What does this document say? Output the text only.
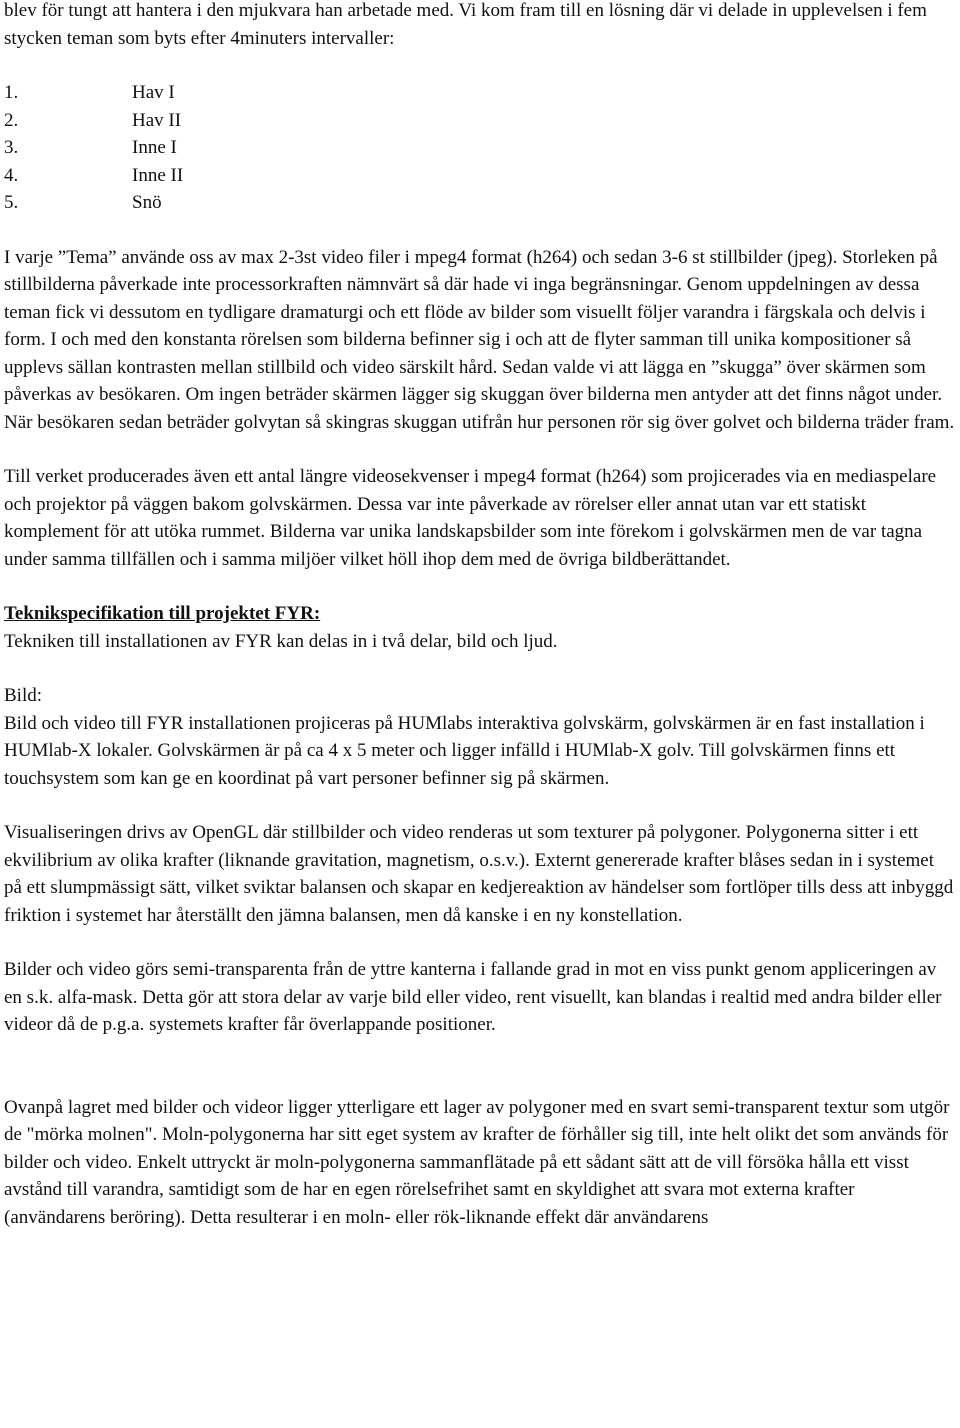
blev för tungt att hantera i den mjukvara han arbetade med. Vi kom fram till en lösning där vi delade in upplevelsen i fem stycken teman som byts efter 4minuters intervaller:

1.	Hav I
2.	Hav II
3.	Inne I
4.	Inne II
5.	Snö

I varje ”Tema” använde oss av max 2-3st video filer i mpeg4 format (h264) och sedan 3-6 st stillbilder (jpeg). Storleken på stillbilderna påverkade inte processorkraften nämnvärt så där hade vi inga begränsningar. Genom uppdelningen av dessa teman fick vi dessutom en tydligare dramaturgi och ett flöde av bilder som visuellt följer varandra i färgskala och delvis i form. I och med den konstanta rörelsen som bilderna befinner sig i och att de flyter samman till unika kompositioner så upplevs sällan kontrasten mellan stillbild och video särskilt hård. Sedan valde vi att lägga en ”skugga” över skärmen som påverkas av besökaren. Om ingen beträder skärmen lägger sig skuggan över bilderna men antyder att det finns något under. När besökaren sedan beträder golvytan så skingras skuggan utifrån hur personen rör sig över golvet och bilderna träder fram.

Till verket producerades även ett antal längre videosekvenser i mpeg4 format (h264) som projicerades via en mediaspelare och projektor på väggen bakom golvskärmen. Dessa var inte påverkade av rörelser eller annat utan var ett statiskt komplement för att utöka rummet. Bilderna var unika landskapsbilder som inte förekom i golvskärmen men de var tagna under samma tillfällen och i samma miljöer vilket höll ihop dem med de övriga bildberättandet.

Teknikspecifikation till projektet FYR:

Tekniken till installationen av FYR kan delas in i två delar, bild och ljud.

Bild:

Bild och video till FYR installationen projiceras på HUMlabs interaktiva golvskärm, golvskärmen är en fast installation i HUMlab-X lokaler. Golvskärmen är på ca 4 x 5 meter och ligger infälld i HUMlab-X golv. Till golvskärmen finns ett touchsystem som kan ge en koordinat på vart personer befinner sig på skärmen.

Visualiseringen drivs av OpenGL där stillbilder och video renderas ut som texturer på polygoner. Polygonerna sitter i ett ekvilibrium av olika krafter (liknande gravitation, magnetism, o.s.v.). Externt genererade krafter blåses sedan in i systemet på ett slumpmässigt sätt, vilket sviktar balansen och skapar en kedjereaktion av händelser som fortlöper tills dess att inbyggd friktion i systemet har återställt den jämna balansen, men då kanske i en ny konstellation.

Bilder och video görs semi-transparenta från de yttre kanterna i fallande grad in mot en viss punkt genom appliceringen av en s.k. alfa-mask. Detta gör att stora delar av varje bild eller video, rent visuellt, kan blandas i realtid med andra bilder eller videor då de p.g.a. systemets krafter får överlappande positioner.

Ovanpå lagret med bilder och videor ligger ytterligare ett lager av polygoner med en svart semi-transparent textur som utgör de "mörka molnen". Moln-polygonerna har sitt eget system av krafter de förhåller sig till, inte helt olikt det som används för bilder och video. Enkelt uttryckt är moln-polygonerna sammanflätade på ett sådant sätt att de vill försöka hålla ett visst avstånd till varandra, samtidigt som de har en egen rörelsefrihet samt en skyldighet att svara mot externa krafter (användarens beröring). Detta resulterar i en moln- eller rök-liknande effekt där användarens
